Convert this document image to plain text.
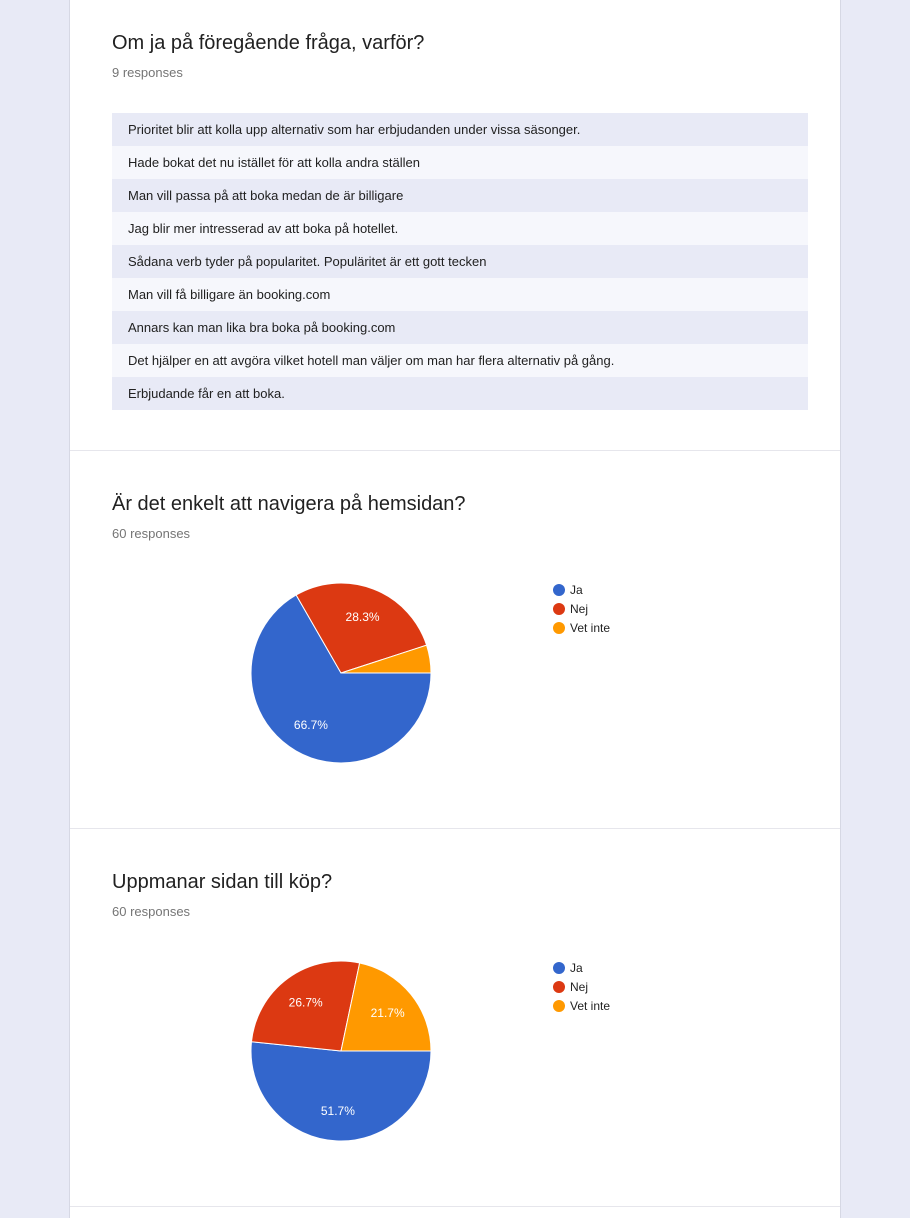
Om ja på föregående fråga, varför?
9 responses
Prioritet blir att kolla upp alternativ som har erbjudanden under vissa säsonger.
Hade bokat det nu istället för att kolla andra ställen
Man vill passa på att boka medan de är billigare
Jag blir mer intresserad av att boka på hotellet.
Sådana verb tyder på popularitet. Populäritet är ett gott tecken
Man vill få billigare än booking.com
Annars kan man lika bra boka på booking.com
Det hjälper en att avgöra vilket hotell man väljer om man har flera alternativ på gång.
Erbjudande får en att boka.
Är det enkelt att navigera på hemsidan?
60 responses
66.7%
28.3%
Ja
Nej
Vet inte
Uppmanar sidan till köp?
60 responses
51.7%
26.7%
21.7%
Ja
Nej
Vet inte
